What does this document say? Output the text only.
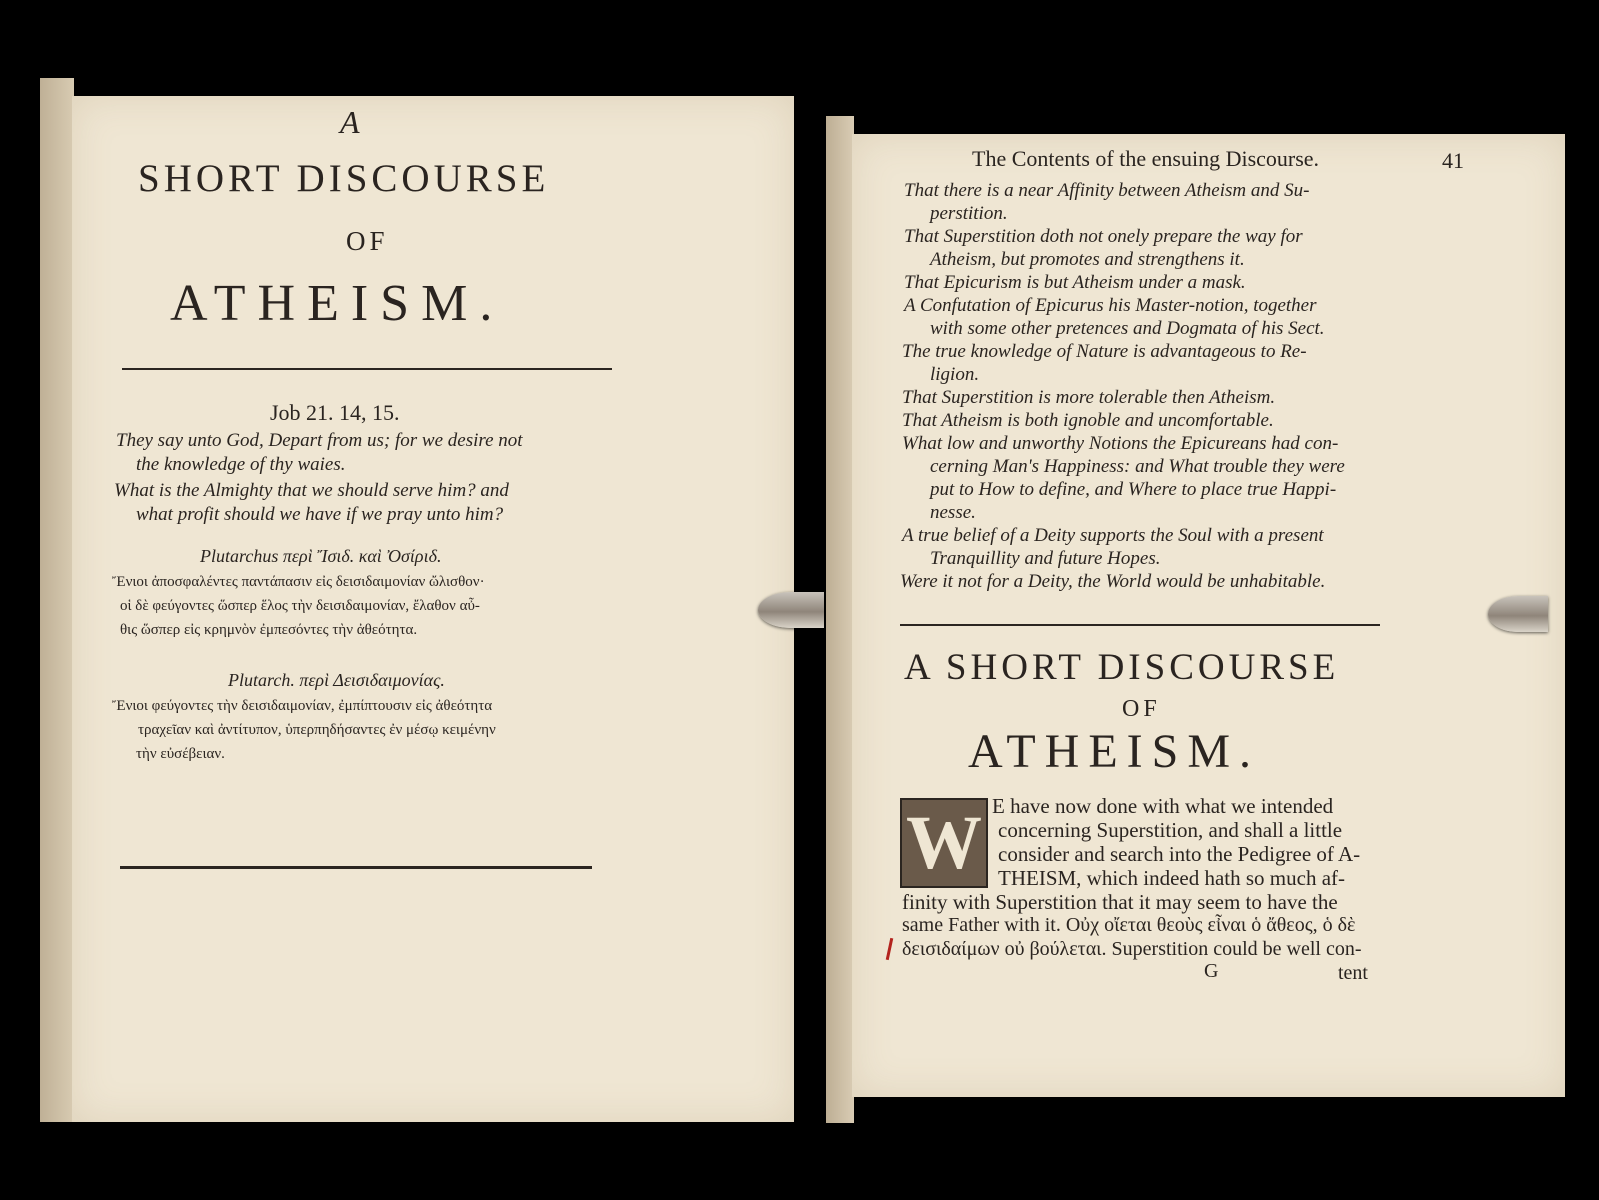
A
SHORT DISCOURSE
OF
ATHEISM.
Job 21. 14, 15.
They say unto God, Depart from us; for we desire not
the knowledge of thy waies.
What is the Almighty that we should serve him? and
what profit should we have if we pray unto him?
Plutarchus περὶ Ἴσιδ. καὶ Ὀσίριδ.
Ἔνιοι ἀποσφαλέντες παντάπασιν εἰς δεισιδαιμονίαν ὤλισθον·
οἱ δὲ φεύγοντες ὥσπερ ἕλος τὴν δεισιδαιμονίαν, ἔλαθον αὖ-
θις ὥσπερ εἰς κρημνὸν ἐμπεσόντες τὴν ἀθεότητα.
Plutarch. περὶ Δεισιδαιμονίας.
Ἔνιοι φεύγοντες τὴν δεισιδαιμονίαν, ἐμπίπτουσιν εἰς ἀθεότητα
τραχεῖαν καὶ ἀντίτυπον, ὑπερπηδήσαντες ἐν μέσῳ κειμένην
τὴν εὐσέβειαν.
The Contents of the ensuing Discourse.	41
That there is a near Affinity between Atheism and Su-
perstition.
That Superstition doth not onely prepare the way for
Atheism, but promotes and strengthens it.
That Epicurism is but Atheism under a mask.
A Confutation of Epicurus his Master-notion, together
with some other pretences and Dogmata of his Sect.
The true knowledge of Nature is advantageous to Re-
ligion.
That Superstition is more tolerable then Atheism.
That Atheism is both ignoble and uncomfortable.
What low and unworthy Notions the Epicureans had con-
cerning Man's Happiness: and What trouble they were
put to How to define, and Where to place true Happi-
nesse.
A true belief of a Deity supports the Soul with a present
Tranquillity and future Hopes.
Were it not for a Deity, the World would be unhabitable.
A SHORT DISCOURSE
OF
ATHEISM.
W E have now done with what we intended
concerning Superstition, and shall a little
consider and search into the Pedigree of A-
THEISM, which indeed hath so much af-
finity with Superstition that it may seem to have the
same Father with it. Οὐχ οἴεται θεοὺς εἶναι ὁ ἄθεος, ὁ δὲ
δεισιδαίμων οὐ βούλεται. Superstition could be well con-
G	tent
